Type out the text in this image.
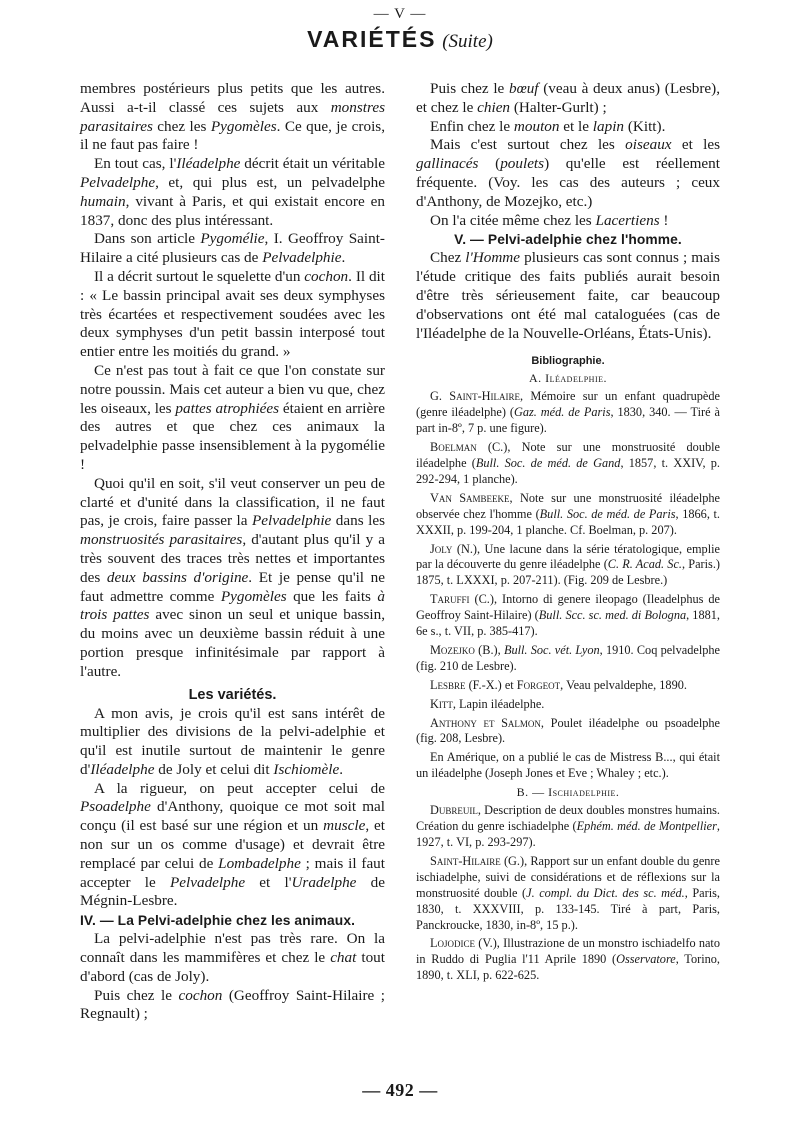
— V —
VARIÉTÉS (Suite)

membres postérieurs plus petits que les autres. Aussi a-t-il classé ces sujets aux monstres parasitaires chez les Pygomèles. Ce que, je crois, il ne faut pas faire !

En tout cas, l'Iléadelphe décrit était un véritable Pelvadelphe, et, qui plus est, un pelvadelphe humain, vivant à Paris, et qui existait encore en 1837, donc des plus intéressant.

Dans son article Pygomélie, I. Geoffroy Saint-Hilaire a cité plusieurs cas de Pelvadelphie.

Il a décrit surtout le squelette d'un cochon. Il dit : « Le bassin principal avait ses deux symphyses très écartées et respectivement soudées avec les deux symphyses d'un petit bassin interposé tout entier entre les moitiés du grand. »

Ce n'est pas tout à fait ce que l'on constate sur notre poussin. Mais cet auteur a bien vu que, chez les oiseaux, les pattes atrophiées étaient en arrière des autres et que chez ces animaux la pelvadelphie passe insensiblement à la pygomélie !

Quoi qu'il en soit, s'il veut conserver un peu de clarté et d'unité dans la classification, il ne faut pas, je crois, faire passer la Pelvadelphie dans les monstruosités parasitaires, d'autant plus qu'il y a très souvent des traces très nettes et importantes des deux bassins d'origine. Et je pense qu'il ne faut admettre comme Pygomèles que les faits à trois pattes avec sinon un seul et unique bassin, du moins avec un deuxième bassin réduit à une portion presque infinitésimale par rapport à l'autre.

Les variétés.

A mon avis, je crois qu'il est sans intérêt de multiplier des divisions de la pelvi-adelphie et qu'il est inutile surtout de maintenir le genre d'Iléadelphe de Joly et celui dit Ischiomèle.

A la rigueur, on peut accepter celui de Psoadelphe d'Anthony, quoique ce mot soit mal conçu (il est basé sur une région et un muscle, et non sur un os comme d'usage) et devrait être remplacé par celui de Lombadelphe ; mais il faut accepter le Pelvadelphe et l'Uradelphe de Mégnin-Lesbre.

IV. — La Pelvi-adelphie chez les animaux.

La pelvi-adelphie n'est pas très rare. On la connaît dans les mammifères et chez le chat tout d'abord (cas de Joly).

Puis chez le cochon (Geoffroy Saint-Hilaire ; Regnault) ;

Puis chez le bœuf (veau à deux anus) (Lesbre), et chez le chien (Halter-Gurlt) ;

Enfin chez le mouton et le lapin (Kitt).

Mais c'est surtout chez les oiseaux et les gallinacés (poulets) qu'elle est réellement fréquente. (Voy. les cas des auteurs ; ceux d'Anthony, de Mozejko, etc.)

On l'a citée même chez les Lacertiens !

V. — Pelvi-adelphie chez l'homme.

Chez l'Homme plusieurs cas sont connus ; mais l'étude critique des faits publiés aurait besoin d'être très sérieusement faite, car beaucoup d'observations ont été mal cataloguées (cas de l'Iléadelphe de la Nouvelle-Orléans, États-Unis).

Bibliographie.
A. Iléadelphie.

G. Saint-Hilaire, Mémoire sur un enfant quadrupède (genre iléadelphe) (Gaz. méd. de Paris, 1830, 340. — Tiré à part in-8º, 7 p. une figure).

Boelman (C.), Note sur une monstruosité double iléadelphe (Bull. Soc. de méd. de Gand, 1857, t. XXIV, p. 292-294, 1 planche).

Van Sambeeke, Note sur une monstruosité iléadelphe observée chez l'homme (Bull. Soc. de méd. de Paris, 1866, t. XXXII, p. 199-204, 1 planche. Cf. Boelman, p. 207).

Joly (N.), Une lacune dans la série tératologique, emplie par la découverte du genre iléadelphe (C. R. Acad. Sc., Paris.) 1875, t. LXXXI, p. 207-211). (Fig. 209 de Lesbre.)

Taruffi (C.), Intorno di genere ileopago (Ileadelphus de Geoffroy Saint-Hilaire) (Bull. Scc. sc. med. di Bologna, 1881, 6e s., t. VII, p. 385-417).

Mozejko (B.), Bull. Soc. vét. Lyon, 1910. Coq pelvadelphe (fig. 210 de Lesbre).

Lesbre (F.-X.) et Forgeot, Veau pelvaldephe, 1890.

Kitt, Lapin iléadelphe.

Anthony et Salmon, Poulet iléadelphe ou psoadelphe (fig. 208, Lesbre).

En Amérique, on a publié le cas de Mistress B..., qui était un iléadelphe (Joseph Jones et Eve ; Whaley ; etc.).

B. — Ischiadelphie.

Dubreuil, Description de deux doubles monstres humains. Création du genre ischiadelphe (Ephém. méd. de Montpellier, 1927, t. VI, p. 293-297).

Saint-Hilaire (G.), Rapport sur un enfant double du genre ischiadelphe, suivi de considérations et de réflexions sur la monstruosité double (J. compl. du Dict. des sc. méd., Paris, 1830, t. XXXVIII, p. 133-145. Tiré à part, Paris, Panckroucke, 1830, in-8º, 15 p.).

Lojodice (V.), Illustrazione de un monstro ischiadelfo nato in Ruddo di Puglia l'11 Aprile 1890 (Osservatore, Torino, 1890, t. XLI, p. 622-625.

— 492 —
